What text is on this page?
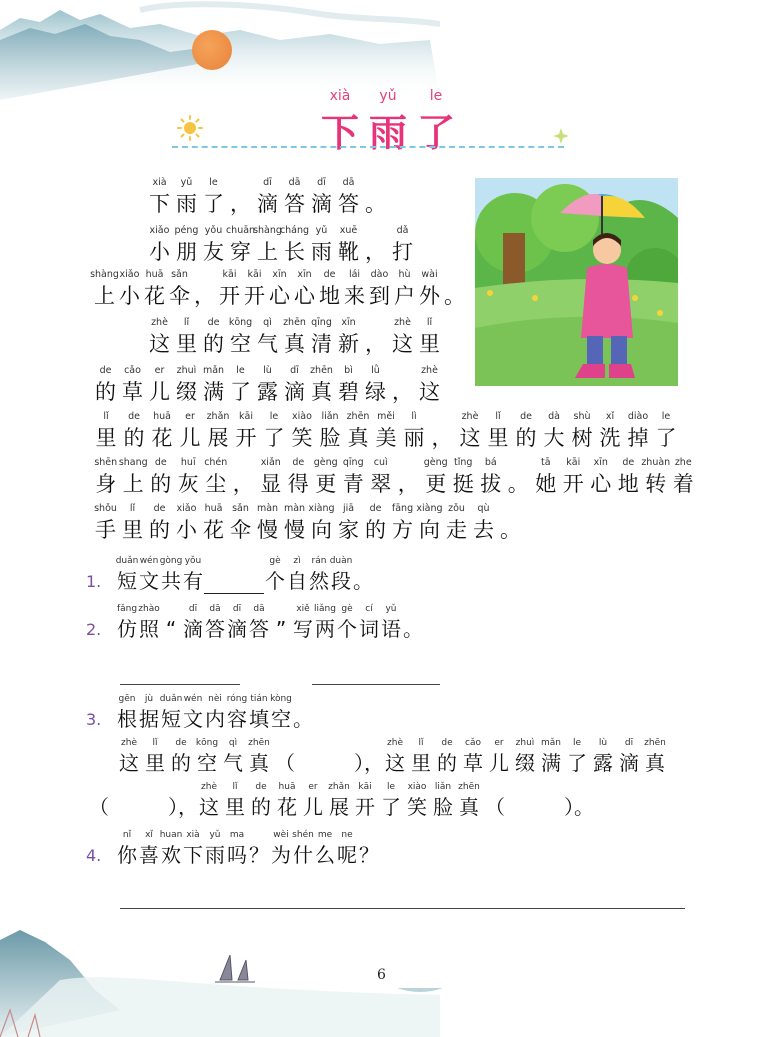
xià	yǔ	le
下 雨 了
xià
下
yǔ
雨
le
了 ，
dī
滴
dā
答
dī
滴
dā
答 。
xiǎo
小
péng
朋
yǒu
友
chuān
穿
shàng
上
cháng
长
yǔ
雨
xuē
靴 ，
dǎ
打
shàng
上
xiǎo
小
huā
花
sǎn
伞 ，
kāi
开
kāi
开
xīn
心
xīn
心
de
地
lái
来
dào
到
hù
户
wài
外 。
zhè
这
lǐ
里
de
的
kōng
空
qì
气
zhēn
真
qīng
清
xīn
新 ，
zhè
这
lǐ
里
de
的
cǎo
草
er
儿
zhuì
缀
mǎn
满
le
了
lù
露
dī
滴
zhēn
真
bì
碧
lǜ
绿 ，
zhè
这
lǐ
里
de
的
huā
花
er
儿
zhǎn
展
kāi
开
le
了
xiào
笑
liǎn
脸
zhēn
真
měi
美
lì
丽 ，
zhè
这
lǐ
里
de
的
dà
大
shù
树
xǐ
洗
diào
掉
le
了
shēn
身
shang
上
de
的
huī
灰
chén
尘 ，
xiǎn
显
de
得
gèng
更
qīng
青
cuì
翠 ，
gèng
更
tǐng
挺
bá
拔 。
tā
她
kāi
开
xīn
心
de
地
zhuàn
转
zhe
着
shǒu
手
lǐ
里
de
的
xiǎo
小
huā
花
sǎn
伞
màn
慢
màn
慢
xiàng
向
jiā
家
de
的
fāng
方
xiàng
向
zǒu
走
qù
去 。
1.
duǎn
短
wén
文
gòng
共
yǒu
有
gè
个
zì
自
rán
然
duàn
段 。
2.
fǎng
仿
zhào
照 “
dī
滴
dā
答
dī
滴
dā
答 ”
xiě
写
liǎng
两
gè
个
cí
词
yǔ
语 。
3.
gēn
根
jù
据
duǎn
短
wén
文
nèi
内
róng
容
tián
填
kòng
空 。
4.
nǐ
你
xǐ
喜
huan
欢
xià
下
yǔ
雨
ma
吗 ？
wèi
为
shén
什
me
么
ne
呢 ？
zhè
这
lǐ
里
de
的
kōng
空
qì
气
zhēn
真 （	），
zhè
这
lǐ
里
de
的
cǎo
草
er
儿
zhuì
缀
mǎn
满
le
了
lù
露
dī
滴
zhēn
真
（	），
zhè
这
lǐ
里
de
的
huā
花
er
儿
zhǎn
展
kāi
开
le
了
xiào
笑
liǎn
脸
zhēn
真 （	）。
6
